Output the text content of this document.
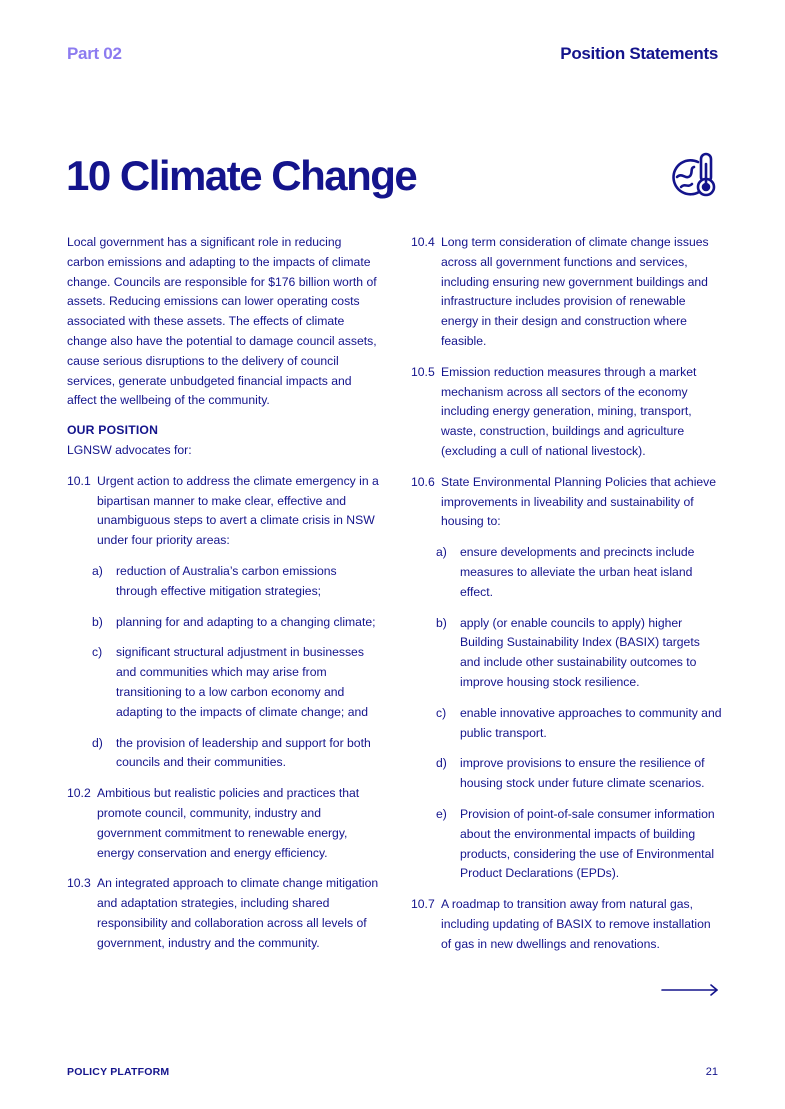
Part 02	Position Statements
10 Climate Change

Local government has a significant role in reducing carbon emissions and adapting to the impacts of climate change. Councils are responsible for $176 billion worth of assets. Reducing emissions can lower operating costs associated with these assets. The effects of climate change also have the potential to damage council assets, cause serious disruptions to the delivery of council services, generate unbudgeted financial impacts and affect the wellbeing of the community.

OUR POSITION

LGNSW advocates for:

10.1 Urgent action to address the climate emergency in a bipartisan manner to make clear, effective and unambiguous steps to avert a climate crisis in NSW under four priority areas:
a) reduction of Australia’s carbon emissions through effective mitigation strategies;
b) planning for and adapting to a changing climate;
c) significant structural adjustment in businesses and communities which may arise from transitioning to a low carbon economy and adapting to the impacts of climate change; and
d) the provision of leadership and support for both councils and their communities.
10.2 Ambitious but realistic policies and practices that promote council, community, industry and government commitment to renewable energy, energy conservation and energy efficiency.
10.3 An integrated approach to climate change mitigation and adaptation strategies, including shared responsibility and collaboration across all levels of government, industry and the community.
10.4 Long term consideration of climate change issues across all government functions and services, including ensuring new government buildings and infrastructure includes provision of renewable energy in their design and construction where feasible.
10.5 Emission reduction measures through a market mechanism across all sectors of the economy including energy generation, mining, transport, waste, construction, buildings and agriculture (excluding a cull of national livestock).
10.6 State Environmental Planning Policies that achieve improvements in liveability and sustainability of housing to:
a) ensure developments and precincts include measures to alleviate the urban heat island effect.
b) apply (or enable councils to apply) higher Building Sustainability Index (BASIX) targets and include other sustainability outcomes to improve housing stock resilience.
c) enable innovative approaches to community and public transport.
d) improve provisions to ensure the resilience of housing stock under future climate scenarios.
e) Provision of point-of-sale consumer information about the environmental impacts of building products, considering the use of Environmental Product Declarations (EPDs).
10.7 A roadmap to transition away from natural gas, including updating of BASIX to remove installation of gas in new dwellings and renovations.
POLICY PLATFORM	21
